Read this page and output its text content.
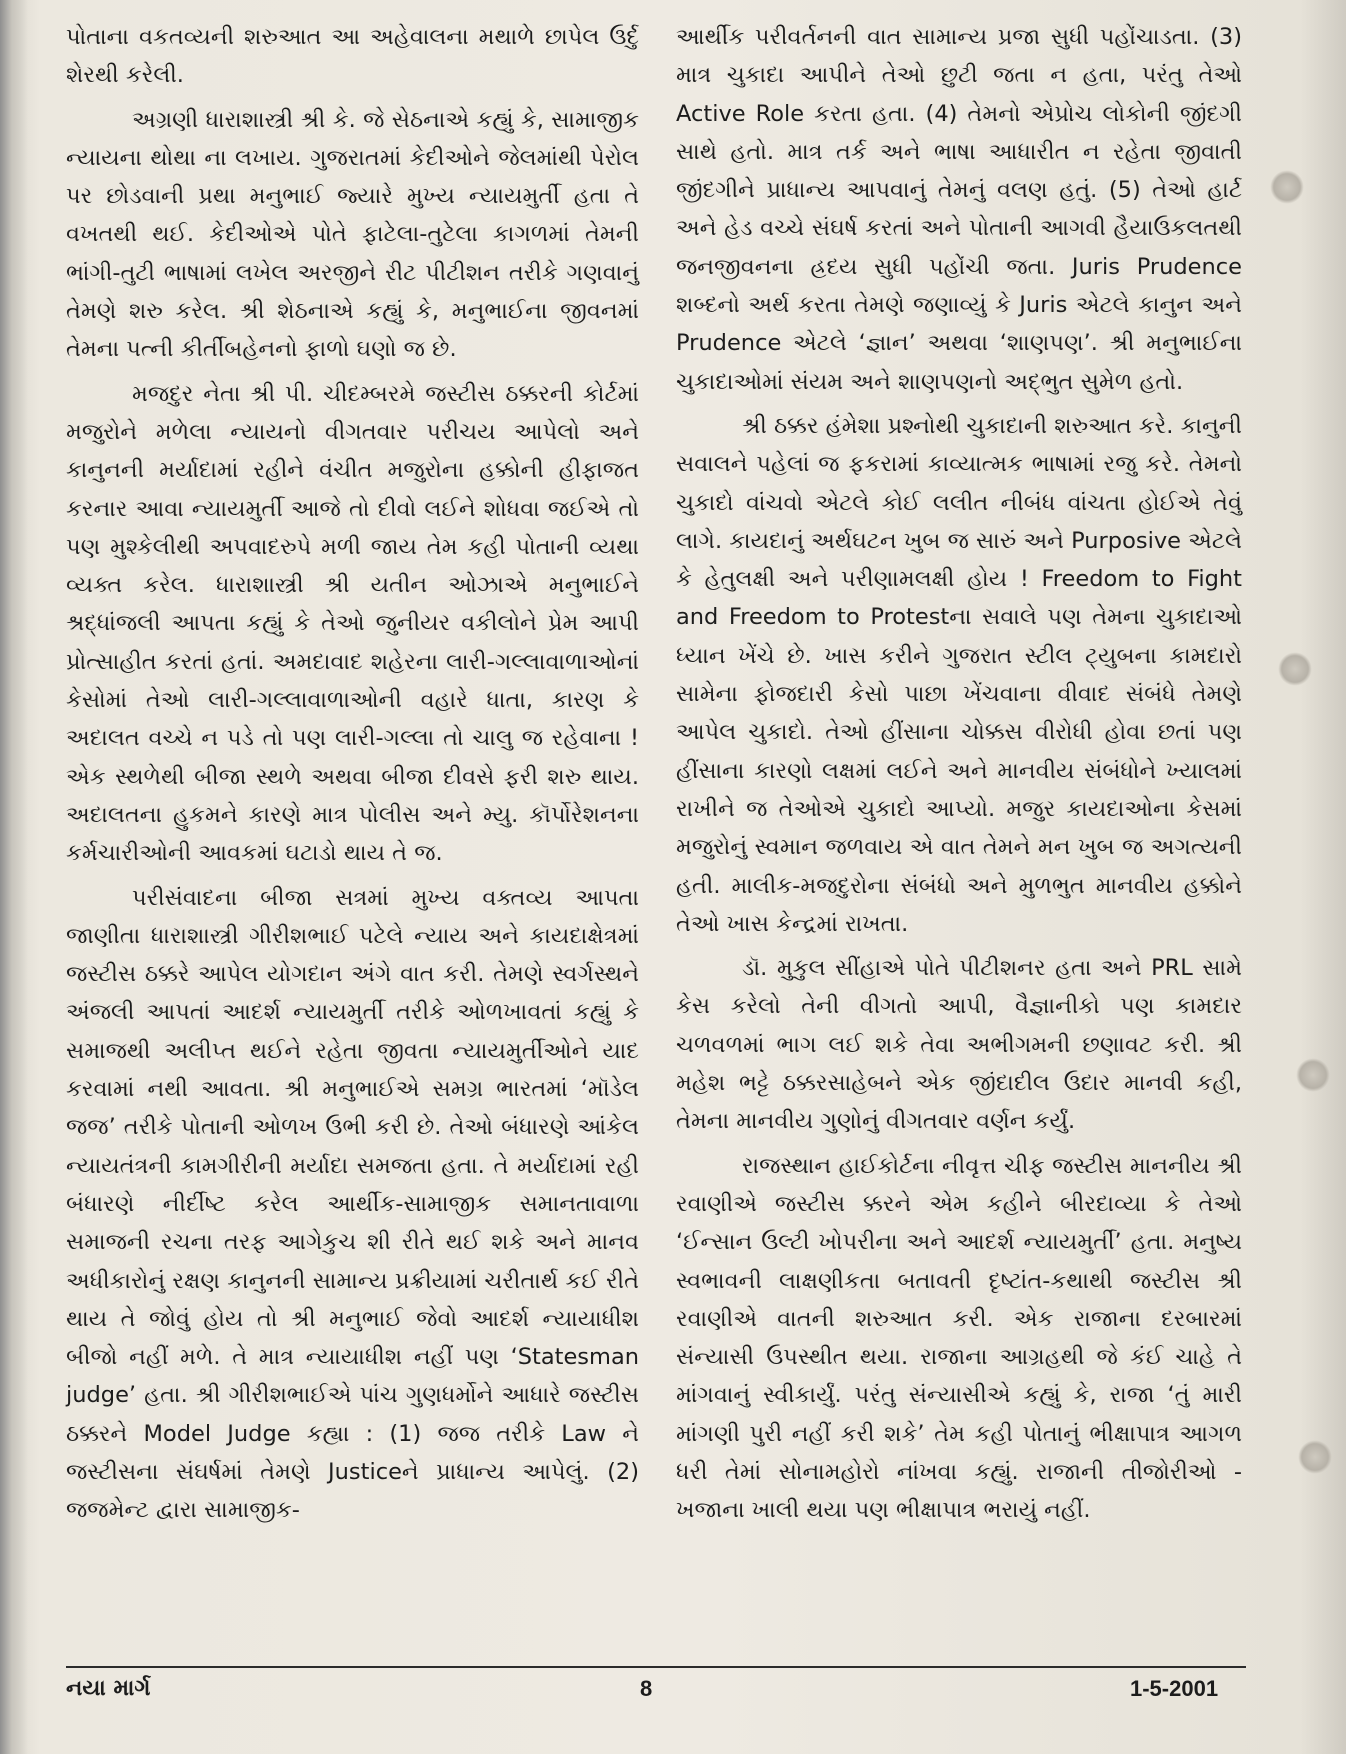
પોતાના વકતવ્યની શરુઆત આ અહેવાલના મથાળે છાપેલ ઉર્દુ શેરથી કરેલી.

અગ્રણી ધારાશાસ્ત્રી શ્રી કે. જે સેઠનાએ કહ્યું કે, સામાજીક ન્યાયના થોથા ના લખાય. ગુજરાતમાં કેદીઓને જેલમાંથી પેરોલ પર છોડવાની પ્રથા મનુભાઈ જ્યારે મુખ્ય ન્યાયમુર્તી હતા તે વખતથી થઈ. કેદીઓએ પોતે ફાટેલા-તુટેલા કાગળમાં તેમની ભાંગી-તુટી ભાષામાં લખેલ અરજીને રીટ પીટીશન તરીકે ગણવાનું તેમણે શરુ કરેલ. શ્રી શેઠનાએ કહ્યું કે, મનુભાઈના જીવનમાં તેમના પત્ની કીર્તીબહેનનો ફાળો ઘણો જ છે.

મજદુર નેતા શ્રી પી. ચીદમ્બરમે જસ્ટીસ ઠક્કરની કોર્ટમાં મજુરોને મળેલા ન્યાયનો વીગતવાર પરીચય આપેલો અને કાનુનની મર્યાદામાં રહીને વંચીત મજુરોના હક્કોની હીફાજત કરનાર આવા ન્યાયમુર્તી આજે તો દીવો લઈને શોધવા જઈએ તો પણ મુશ્કેલીથી અપવાદરુપે મળી જાય તેમ કહી પોતાની વ્યથા વ્યક્ત કરેલ. ધારાશાસ્ત્રી શ્રી યતીન ઓઝાએ મનુભાઈને શ્રદ્ધાંજલી આપતા કહ્યું કે તેઓ જુનીયર વકીલોને પ્રેમ આપી પ્રોત્સાહીત કરતાં હતાં. અમદાવાદ શહેરના લારી-ગલ્લાવાળાઓનાં કેસોમાં તેઓ લારી-ગલ્લાવાળાઓની વહારે ધાતા, કારણ કે અદાલત વચ્ચે ન પડે તો પણ લારી-ગલ્લા તો ચાલુ જ રહેવાના ! એક સ્થળેથી બીજા સ્થળે અથવા બીજા દીવસે ફરી શરુ થાય. અદાલતના હુકમને કારણે માત્ર પોલીસ અને મ્યુ. કૉર્પોરેશનના કર્મચારીઓની આવકમાં ઘટાડો થાય તે જ.

પરીસંવાદના બીજા સત્રમાં મુખ્ય વક્તવ્ય આપતા જાણીતા ધારાશાસ્ત્રી ગીરીશભાઈ પટેલે ન્યાય અને કાયદાક્ષેત્રમાં જસ્ટીસ ઠક્કરે આપેલ યોગદાન અંગે વાત કરી. તેમણે સ્વર્ગસ્થને અંજલી આપતાં આદર્શ ન્યાયમુર્તી તરીકે ઓળખાવતાં કહ્યું કે સમાજથી અલીપ્ત થઈને રહેતા જીવતા ન્યાયમુર્તીઓને યાદ કરવામાં નથી આવતા. શ્રી મનુભાઈએ સમગ્ર ભારતમાં ‘મૉડેલ જજ’ તરીકે પોતાની ઓળખ ઉભી કરી છે. તેઓ બંધારણે આંકેલ ન્યાયતંત્રની કામગીરીની મર્યાદા સમજતા હતા. તે મર્યાદામાં રહી બંધારણે નીર્દીષ્ટ કરેલ આર્થીક-સામાજીક સમાનતાવાળા સમાજની રચના તરફ આગેકુચ શી રીતે થઈ શકે અને માનવ અધીકારોનું રક્ષણ કાનુનની સામાન્ય પ્રક્રીયામાં ચરીતાર્થ કઈ રીતે થાય તે જોવું હોય તો શ્રી મનુભાઈ જેવો આદર્શ ન્યાયાધીશ બીજો નહીં મળે. તે માત્ર ન્યાયાધીશ નહીં પણ ‘Statesman judge’ હતા. શ્રી ગીરીશભાઈએ પાંચ ગુણધર્મોને આધારે જસ્ટીસ ઠક્કરને Model Judge કહ્યા : (1) જજ તરીકે Law ને જસ્ટીસના સંઘર્ષમાં તેમણે Justiceને પ્રાધાન્ય આપેલું. (2) જજમેન્ટ દ્વારા સામાજીક-

આર્થીક પરીવર્તનની વાત સામાન્ય પ્રજા સુધી પહોંચાડતા. (3) માત્ર ચુકાદા આપીને તેઓ છુટી જતા ન હતા, પરંતુ તેઓ Active Role કરતા હતા. (4) તેમનો એપ્રોચ લોકોની જીંદગી સાથે હતો. માત્ર તર્ક અને ભાષા આધારીત ન રહેતા જીવાતી જીંદગીને પ્રાધાન્ય આપવાનું તેમનું વલણ હતું. (5) તેઓ હાર્ટ અને હેડ વચ્ચે સંઘર્ષ કરતાં અને પોતાની આગવી હૈયાઉકલતથી જનજીવનના હ્રદય સુધી પહોંચી જતા. Juris Prudence શબ્દનો અર્થ કરતા તેમણે જણાવ્યું કે Juris એટલે કાનુન અને Prudence એટલે ‘જ્ઞાન’ અથવા ‘શાણપણ’. શ્રી મનુભાઈના ચુકાદાઓમાં સંયમ અને શાણપણનો અદ્ભુત સુમેળ હતો.

શ્રી ઠક્કર હંમેશા પ્રશ્નોથી ચુકાદાની શરુઆત કરે. કાનુની સવાલને પહેલાં જ ફકરામાં કાવ્યાત્મક ભાષામાં રજુ કરે. તેમનો ચુકાદો વાંચવો એટલે કોઈ લલીત નીબંધ વાંચતા હોઈએ તેવું લાગે. કાયદાનું અર્થઘટન ખુબ જ સારું અને Purposive એટલે કે હેતુલક્ષી અને પરીણામલક્ષી હોય ! Freedom to Fight and Freedom to Protestના સવાલે પણ તેમના ચુકાદાઓ ધ્યાન ખેંચે છે. ખાસ કરીને ગુજરાત સ્ટીલ ટ્યુબના કામદારો સામેના ફોજદારી કેસો પાછા ખેંચવાના વીવાદ સંબંધે તેમણે આપેલ ચુકાદો. તેઓ હીંસાના ચોક્કસ વીરોધી હોવા છતાં પણ હીંસાના કારણો લક્ષમાં લઈને અને માનવીય સંબંધોને ખ્યાલમાં રાખીને જ તેઓએ ચુકાદો આપ્યો. મજુર કાયદાઓના કેસમાં મજુરોનું સ્વમાન જળવાય એ વાત તેમને મન ખુબ જ અગત્યની હતી. માલીક-મજદુરોના સંબંધો અને મુળભુત માનવીય હક્કોને તેઓ ખાસ કેન્દ્રમાં રાખતા.

ડૉ. મુકુલ સીંહાએ પોતે પીટીશનર હતા અને PRL સામે કેસ કરેલો તેની વીગતો આપી, વૈજ્ઞાનીકો પણ કામદાર ચળવળમાં ભાગ લઈ શકે તેવા અભીગમની છણાવટ કરી. શ્રી મહેશ ભટ્ટે ઠક્કરસાહેબને એક જીંદાદીલ ઉદાર માનવી કહી, તેમના માનવીય ગુણોનું વીગતવાર વર્ણન કર્યું.

રાજસ્થાન હાઈકોર્ટના નીવૃત્ત ચીફ જસ્ટીસ માનનીય શ્રી રવાણીએ જસ્ટીસ ક્કરને એમ કહીને બીરદાવ્યા કે તેઓ ‘ઈન્સાન ઉલ્ટી ખોપરીના અને આદર્શ ન્યાયમુર્તી’ હતા. મનુષ્ય સ્વભાવની લાક્ષણીકતા બતાવતી દૃષ્ટાંત-કથાથી જસ્ટીસ શ્રી રવાણીએ વાતની શરુઆત કરી. એક રાજાના દરબારમાં સંન્યાસી ઉપસ્થીત થયા. રાજાના આગ્રહથી જે કંઈ ચાહે તે માંગવાનું સ્વીકાર્યું. પરંતુ સંન્યાસીએ કહ્યું કે, રાજા ‘તું મારી માંગણી પુરી નહીં કરી શકે’ તેમ કહી પોતાનું ભીક્ષાપાત્ર આગળ ધરી તેમાં સોનામહોરો નાંખવા કહ્યું. રાજાની તીજોરીઓ - ખજાના ખાલી થયા પણ ભીક્ષાપાત્ર ભરાયું નહીં.

નયા માર્ગ	8	1-5-2001
